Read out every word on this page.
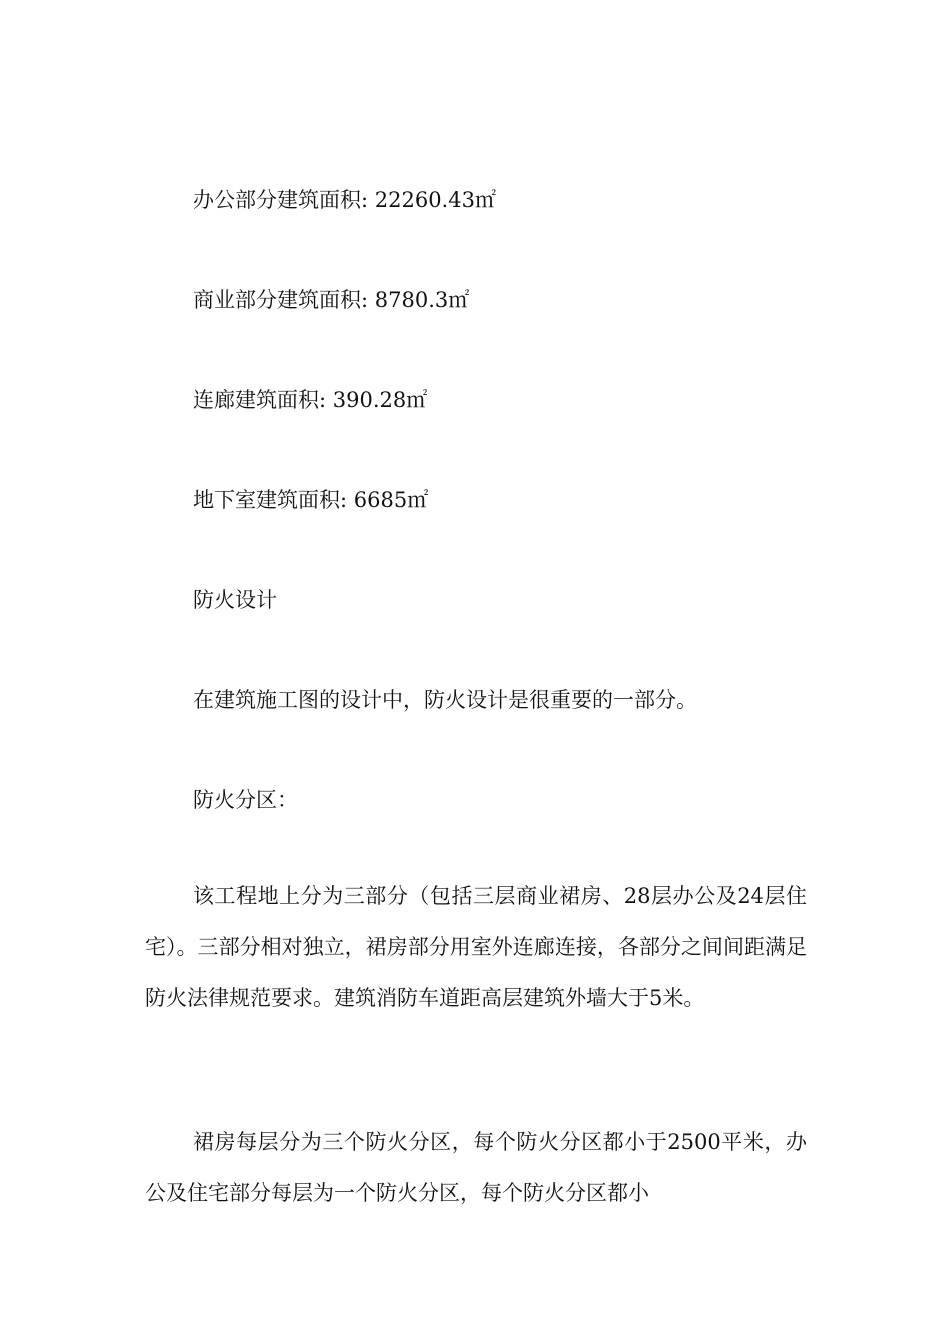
办公部分建筑面积: 22260.43㎡

商业部分建筑面积: 8780.3㎡

连廊建筑面积: 390.28㎡

地下室建筑面积: 6685㎡

防火设计

在建筑施工图的设计中，防火设计是很重要的一部分。

防火分区：

该工程地上分为三部分（包括三层商业裙房、28层办公及24层住宅）。三部分相对独立，裙房部分用室外连廊连接，各部分之间间距满足防火法律规范要求。建筑消防车道距高层建筑外墙大于5米。

裙房每层分为三个防火分区，每个防火分区都小于2500平米，办公及住宅部分每层为一个防火分区，每个防火分区都小
